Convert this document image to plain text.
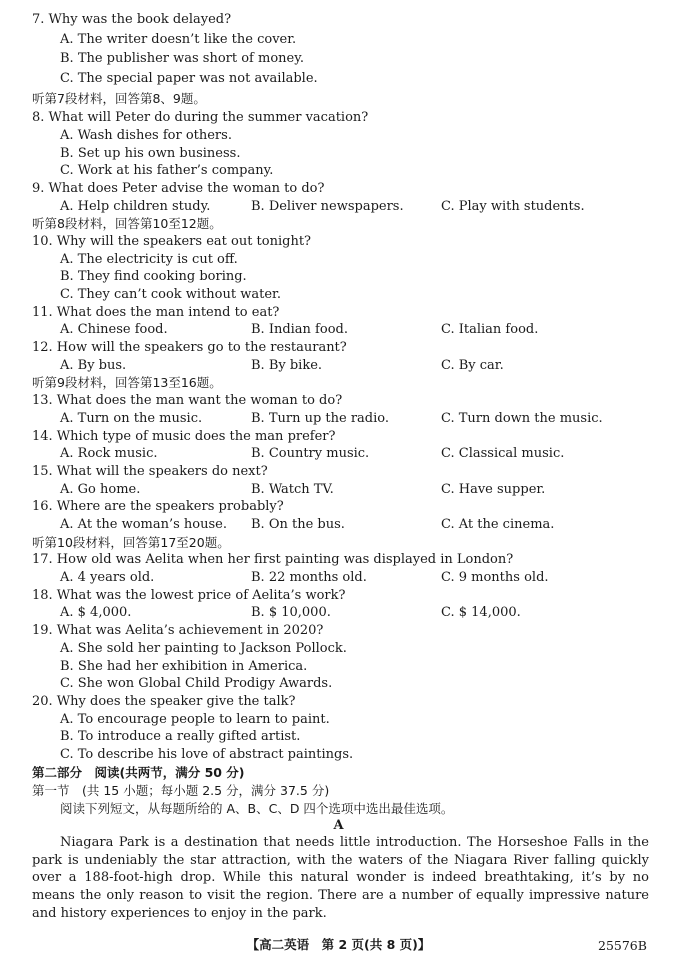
7. Why was the book delayed?
A. The writer doesn’t like the cover.
B. The publisher was short of money.
C. The special paper was not available.
听第7段材料，回答第8、9题。
8. What will Peter do during the summer vacation?
A. Wash dishes for others.
B. Set up his own business.
C. Work at his father’s company.
9. What does Peter advise the woman to do?
A. Help children study.	B. Deliver newspapers.	C. Play with students.
听第8段材料，回答第10至12题。
10. Why will the speakers eat out tonight?
A. The electricity is cut off.
B. They find cooking boring.
C. They can’t cook without water.
11. What does the man intend to eat?
A. Chinese food.	B. Indian food.	C. Italian food.
12. How will the speakers go to the restaurant?
A. By bus.	B. By bike.	C. By car.
听第9段材料，回答第13至16题。
13. What does the man want the woman to do?
A. Turn on the music.	B. Turn up the radio.	C. Turn down the music.
14. Which type of music does the man prefer?
A. Rock music.	B. Country music.	C. Classical music.
15. What will the speakers do next?
A. Go home.	B. Watch TV.	C. Have supper.
16. Where are the speakers probably?
A. At the woman’s house. B. On the bus.	C. At the cinema.
听第10段材料，回答第17至20题。
17. How old was Aelita when her first painting was displayed in London?
A. 4 years old.	B. 22 months old.	C. 9 months old.
18. What was the lowest price of Aelita’s work?
A. $ 4,000.	B. $ 10,000.	C. $ 14,000.
19. What was Aelita’s achievement in 2020?
A. She sold her painting to Jackson Pollock.
B. She had her exhibition in America.
C. She won Global Child Prodigy Awards.
20. Why does the speaker give the talk?
A. To encourage people to learn to paint.
B. To introduce a really gifted artist.
C. To describe his love of abstract paintings.
第二部分　阅读(共两节，满分 50 分)
第一节　(共 15 小题；每小题 2.5 分，满分 37.5 分)
阅读下列短文，从每题所给的 A、B、C、D 四个选项中选出最佳选项。
A
Niagara Park is a destination that needs little introduction. The Horseshoe Falls in the park is undeniably the star attraction, with the waters of the Niagara River falling quickly over a 188-foot-high drop. While this natural wonder is indeed breathtaking, it’s by no means the only reason to visit the region. There are a number of equally impressive nature and history experiences to enjoy in the park.
【高二英语　第 2 页(共 8 页)】	25576B
